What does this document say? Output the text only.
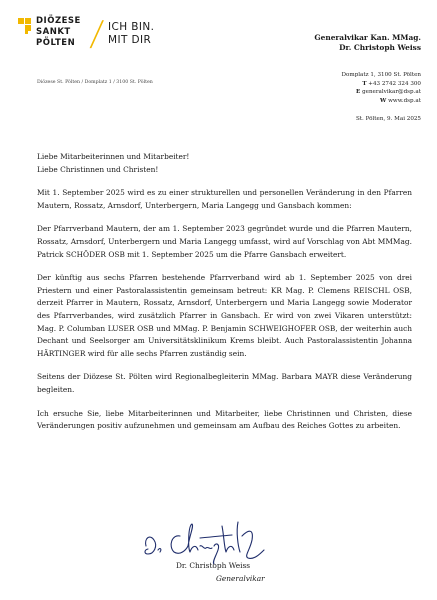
DIÖZESE
SANKT
PÖLTEN / ICH BIN.
MIT DIR
Diözese St. Pölten / Domplatz 1 / 3100 St. Pölten
Generalvikar Kan. MMag.
Dr. Christoph Weiss
Domplatz 1, 3100 St. Pölten
T +43 2742 324 300
E generalvikar@dsp.at
W www.dsp.at
St. Pölten, 9. Mai 2025

Liebe Mitarbeiterinnen und Mitarbeiter!

Liebe Christinnen und Christen!

Mit 1. September 2025 wird es zu einer strukturellen und personellen Veränderung in den Pfarren Mautern, Rossatz, Arnsdorf, Unterbergern, Maria Langegg und Gansbach kommen:

Der Pfarrverband Mautern, der am 1. September 2023 gegründet wurde und die Pfarren Mautern, Rossatz, Arnsdorf, Unterbergern und Maria Langegg umfasst, wird auf Vorschlag von Abt MMMag. Patrick SCHÖDER OSB mit 1. September 2025 um die Pfarre Gansbach erweitert.

Der künftig aus sechs Pfarren bestehende Pfarrverband wird ab 1. September 2025 von drei Priestern und einer Pastoralassistentin gemeinsam betreut: KR Mag. P. Clemens REISCHL OSB, derzeit Pfarrer in Mautern, Rossatz, Arnsdorf, Unterbergern und Maria Langegg sowie Moderator des Pfarrverbandes, wird zusätzlich Pfarrer in Gansbach. Er wird von zwei Vikaren unterstützt: Mag. P. Columban LUSER OSB und MMag. P. Benjamin SCHWEIGHOFER OSB, der weiterhin auch Dechant und Seelsorger am Universitätsklinikum Krems bleibt. Auch Pastoralassistentin Johanna HÄRTINGER wird für alle sechs Pfarren zuständig sein.

Seitens der Diözese St. Pölten wird Regionalbegleiterin MMag. Barbara MAYR diese Veränderung begleiten.

Ich ersuche Sie, liebe Mitarbeiterinnen und Mitarbeiter, liebe Christinnen und Christen, diese Veränderungen positiv aufzunehmen und gemeinsam am Aufbau des Reiches Gottes zu arbeiten.

Dr. Christoph Weiss
Generalvikar
